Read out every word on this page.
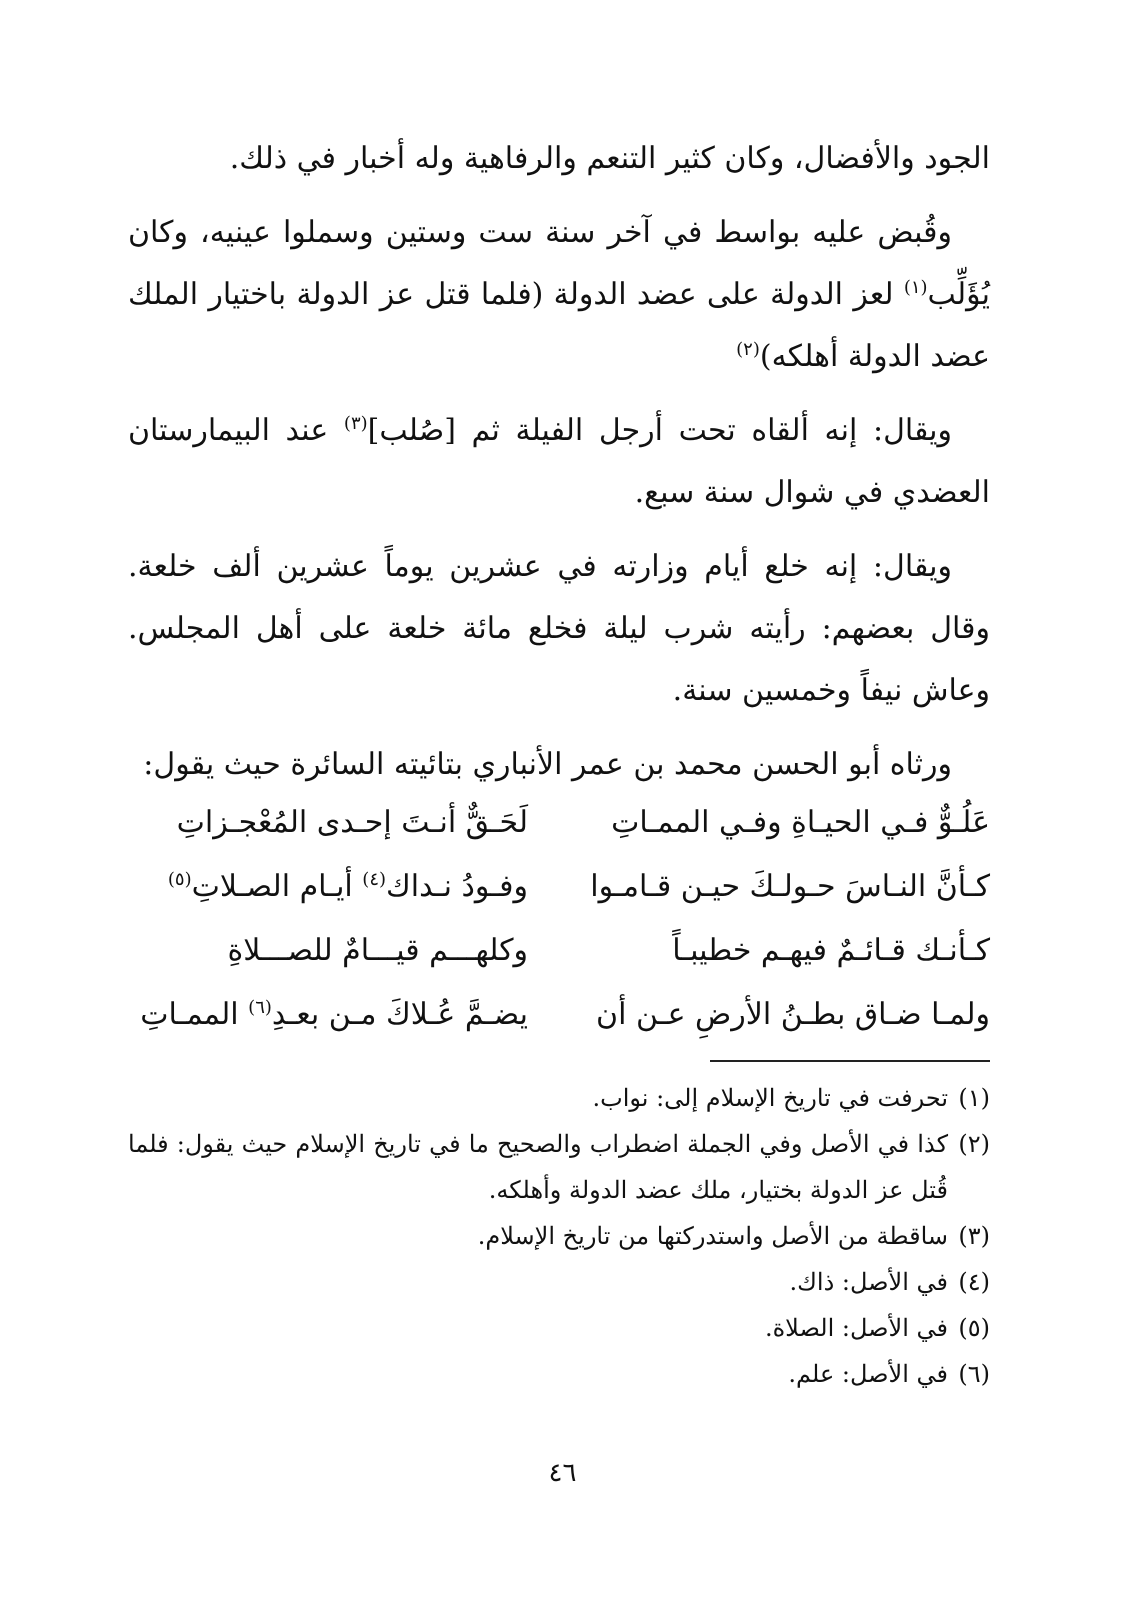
الجود والأفضال، وكان كثير التنعم والرفاهية وله أخبار في ذلك.

وقُبض عليه بواسط في آخر سنة ست وستين وسملوا عينيه، وكان يُؤَلِّب$^{(١)}$ لعز الدولة على عضد الدولة (فلما قتل عز الدولة باختيار الملك عضد الدولة أهلكه)$^{(٢)}$

ويقال: إنه ألقاه تحت أرجل الفيلة ثم [صُلب]$^{(٣)}$ عند البيمارستان العضدي في شوال سنة سبع.

ويقال: إنه خلع أيام وزارته في عشرين يوماً عشرين ألف خلعة. وقال بعضهم: رأيته شرب ليلة فخلع مائة خلعة على أهل المجلس. وعاش نيفاً وخمسين سنة.

ورثاه أبو الحسن محمد بن عمر الأنباري بتائيته السائرة حيث يقول:

عَلُـوٌّ فـي الحيـاةِ وفـي الممـاتِ
لَحَـقٌّ أنـتَ إحـدى المُعْجـزاتِ
كـأنَّ النـاسَ حـولـكَ حيـن قـامـوا
وفـودُ نـداك$^{(٤)}$ أيـام الصـلاتِ$^{(٥)}$
كـأنـك قـائـمٌ فيهـم خطيبـاً
وكلهـــم قيـــامٌ للصـــلاةِ
ولمـا ضـاق بطـنُ الأرضِ عـن أن
يضـمَّ عُـلاكَ مـن بعـدِ$^{(٦)}$ الممـاتِ
(١)
تحرفت في تاريخ الإسلام إلى: نواب.
(٢)
كذا في الأصل وفي الجملة اضطراب والصحيح ما في تاريخ الإسلام حيث يقول: فلما قُتل عز الدولة بختيار، ملك عضد الدولة وأهلكه.
(٣)
ساقطة من الأصل واستدركتها من تاريخ الإسلام.
(٤)
في الأصل: ذاك.
(٥)
في الأصل: الصلاة.
(٦)
في الأصل: علم.
٤٦
